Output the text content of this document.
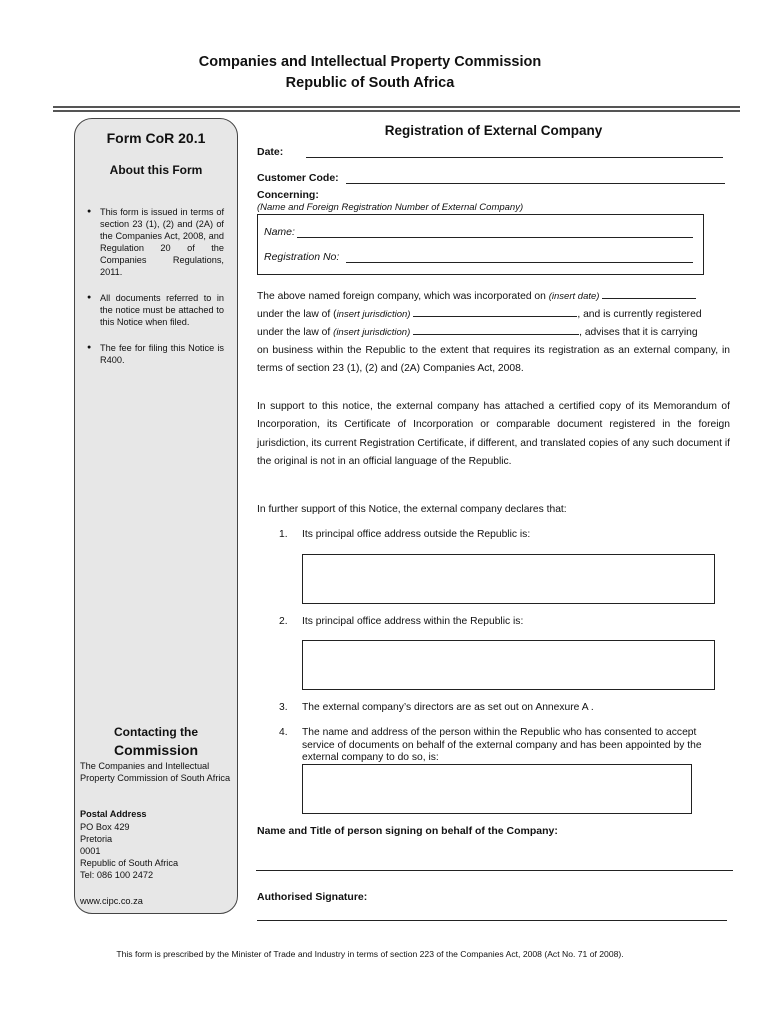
Companies and Intellectual Property Commission
Republic of South Africa
Form CoR 20.1
About this Form
● This form is issued in terms of section 23 (1), (2) and (2A) of the Companies Act, 2008, and Regulation 20 of the Companies Regulations, 2011.
● All documents referred to in the notice must be attached to this Notice when filed.
● The fee for filing this Notice is R400.
Contacting the
Commission
The Companies and Intellectual Property Commission of South Africa
Postal Address
PO Box 429
Pretoria
0001
Republic of South Africa
Tel: 086 100 2472
www.cipc.co.za
Registration of External Company
Date:
Customer Code:
Concerning:
(Name and Foreign Registration Number of External Company)
Name:
Registration No:
The above named foreign company, which was incorporated on (insert date)
under the law of (insert jurisdiction)	, and is currently registered
under the law of (insert jurisdiction)	, advises that it is carrying
on business within the Republic to the extent that requires its registration as an external company, in terms of section 23 (1), (2) and (2A) Companies Act, 2008.
In support to this notice, the external company has attached a certified copy of its Memorandum of Incorporation, its Certificate of Incorporation or comparable document registered in the foreign jurisdiction, its current Registration Certificate, if different, and translated copies of any such document if the original is not in an official language of the Republic.
In further support of this Notice, the external company declares that:
1. Its principal office address outside the Republic is:
2. Its principal office address within the Republic is:
3. The external company’s directors are as set out on Annexure A .
4. The name and address of the person within the Republic who has consented to accept service of documents on behalf of the external company and has been appointed by the external company to do so, is:
Name and Title of person signing on behalf of the Company:
Authorised Signature:
This form is prescribed by the Minister of Trade and Industry in terms of section 223 of the Companies Act, 2008 (Act No. 71 of 2008).
